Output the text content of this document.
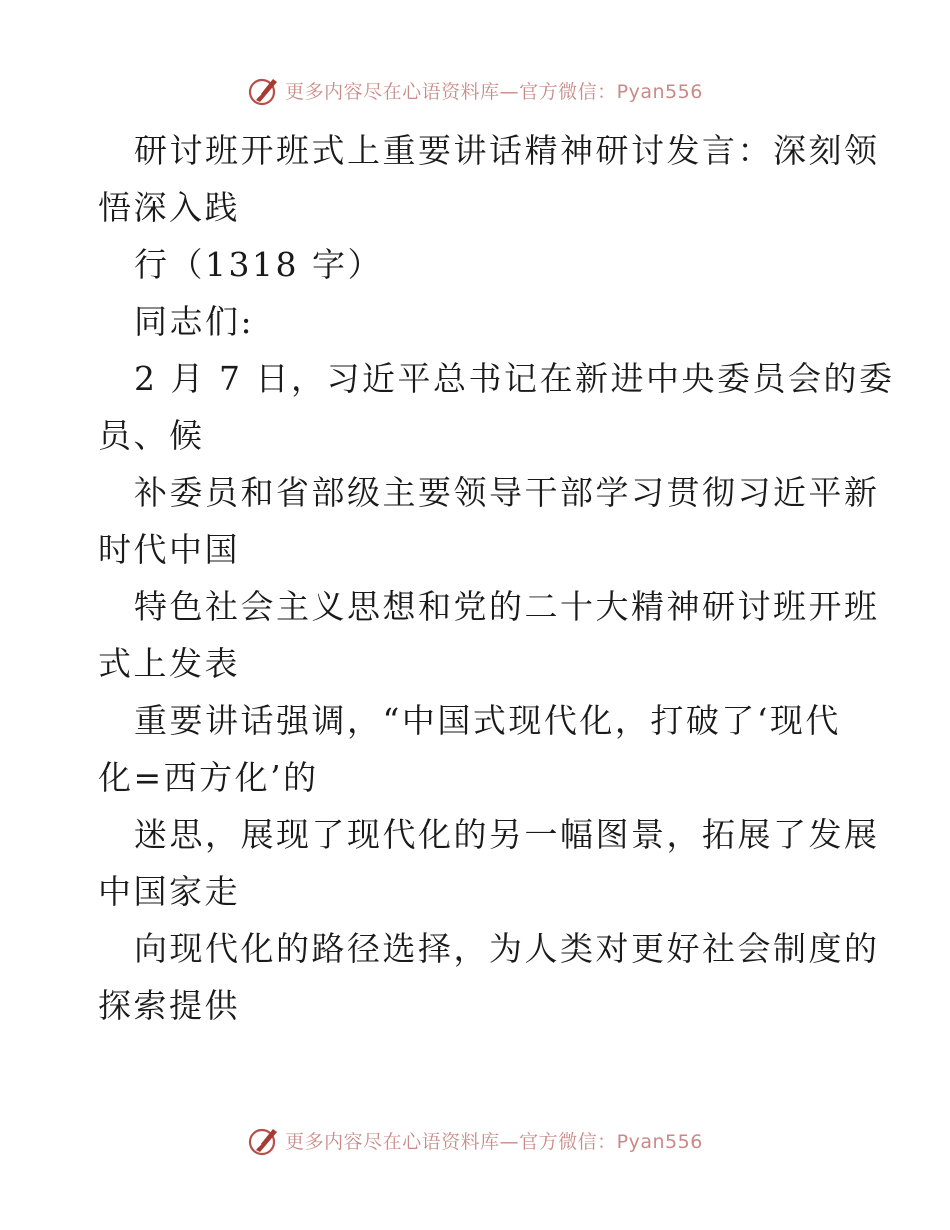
更多内容尽在心语资料库—官方微信：Pyan556
研讨班开班式上重要讲话精神研讨发言：深刻领
悟深入践
行（1318 字）
同志们:
2 月 7 日，习近平总书记在新进中央委员会的委
员、候
补委员和省部级主要领导干部学习贯彻习近平新
时代中国
特色社会主义思想和党的二十大精神研讨班开班
式上发表
重要讲话强调，“中国式现代化，打破了‘现代
化=西方化’的
迷思，展现了现代化的另一幅图景，拓展了发展
中国家走
向现代化的路径选择，为人类对更好社会制度的
探索提供
更多内容尽在心语资料库—官方微信：Pyan556
